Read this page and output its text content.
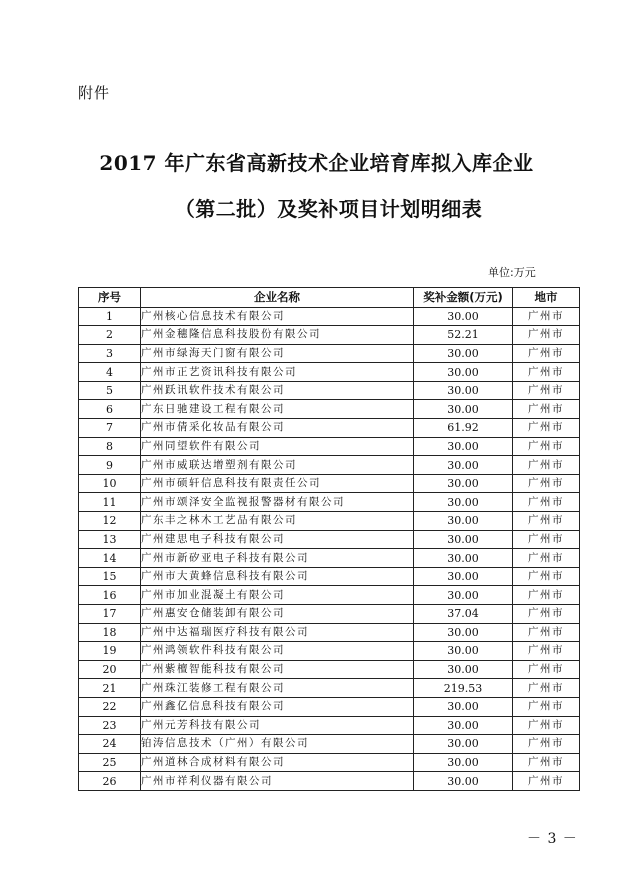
附件
2017 年广东省高新技术企业培育库拟入库企业
（第二批）及奖补项目计划明细表
单位:万元
序号	企业名称	奖补金额(万元)	地市
1	广州核心信息技术有限公司	30.00	广州市
2	广州金穗隆信息科技股份有限公司	52.21	广州市
3	广州市绿海天门窗有限公司	30.00	广州市
4	广州市正艺资讯科技有限公司	30.00	广州市
5	广州跃讯软件技术有限公司	30.00	广州市
6	广东日驰建设工程有限公司	30.00	广州市
7	广州市倩采化妆品有限公司	61.92	广州市
8	广州同望软件有限公司	30.00	广州市
9	广州市威联达增塑剂有限公司	30.00	广州市
10	广州市硕轩信息科技有限责任公司	30.00	广州市
11	广州市颂泽安全监视报警器材有限公司	30.00	广州市
12	广东丰之林木工艺品有限公司	30.00	广州市
13	广州建思电子科技有限公司	30.00	广州市
14	广州市新矽亚电子科技有限公司	30.00	广州市
15	广州市大黄蜂信息科技有限公司	30.00	广州市
16	广州市加业混凝土有限公司	30.00	广州市
17	广州惠安仓储装卸有限公司	37.04	广州市
18	广州中达福瑞医疗科技有限公司	30.00	广州市
19	广州鸿领软件科技有限公司	30.00	广州市
20	广州紫檀智能科技有限公司	30.00	广州市
21	广州珠江装修工程有限公司	219.53	广州市
22	广州鑫亿信息科技有限公司	30.00	广州市
23	广州元芳科技有限公司	30.00	广州市
24	铂涛信息技术（广州）有限公司	30.00	广州市
25	广州道林合成材料有限公司	30.00	广州市
26	广州市祥利仪器有限公司	30.00	广州市
－ 3 －
